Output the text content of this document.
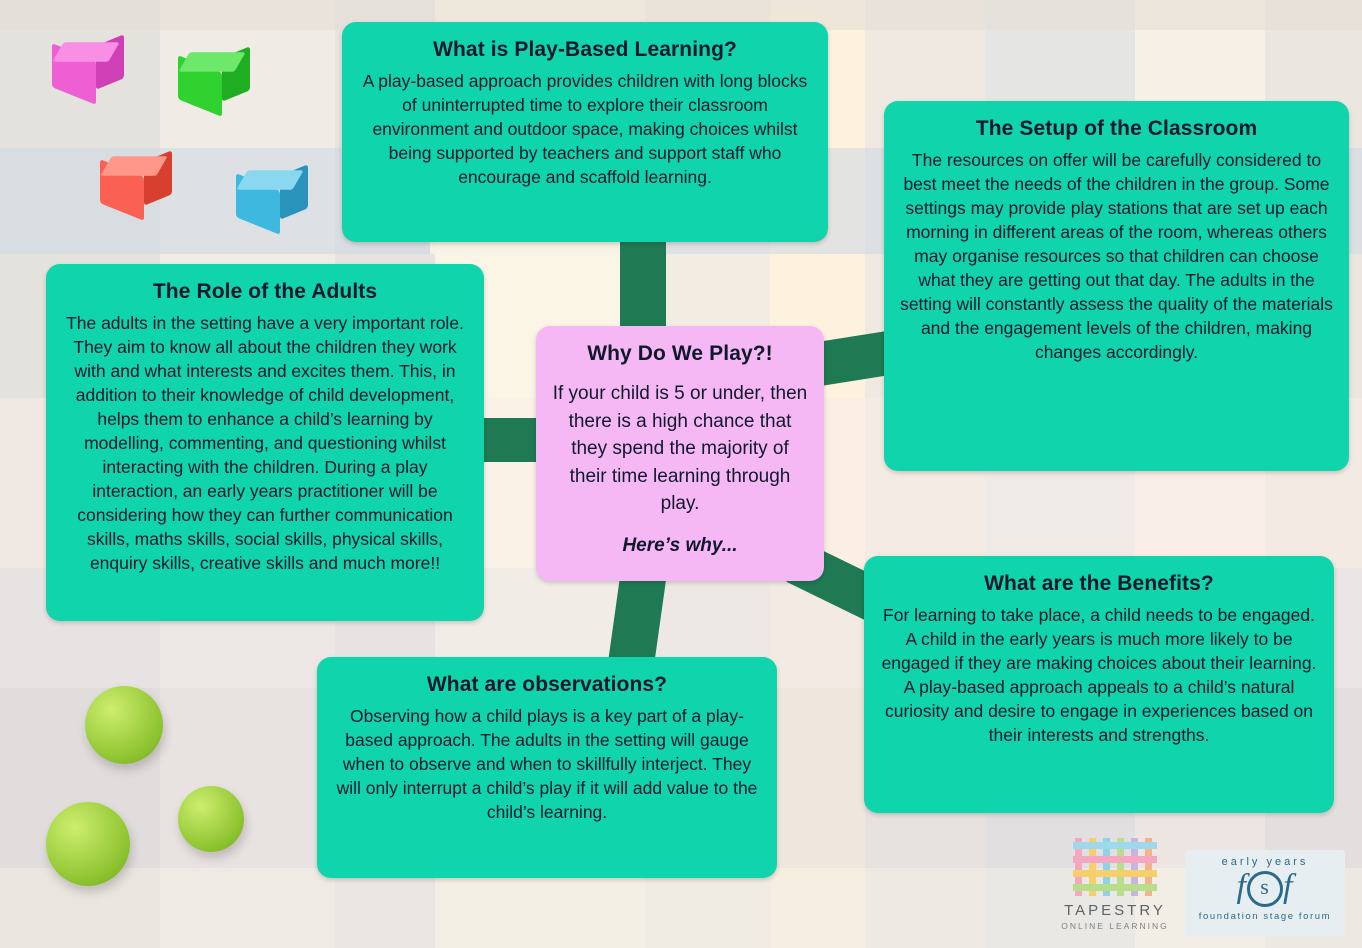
What is Play-Based Learning?

A play-based approach provides children with long blocks of uninterrupted time to explore their classroom environment and outdoor space, making choices whilst being supported by teachers and support staff who encourage and scaffold learning.

The Setup of the Classroom

The resources on offer will be carefully considered to best meet the needs of the children in the group. Some settings may provide play stations that are set up each morning in different areas of the room, whereas others may organise resources so that children can choose what they are getting out that day. The adults in the setting will constantly assess the quality of the materials and the engagement levels of the children, making changes accordingly.

The Role of the Adults

The adults in the setting have a very important role. They aim to know all about the children they work with and what interests and excites them. This, in addition to their knowledge of child development, helps them to enhance a child’s learning by modelling, commenting, and questioning whilst interacting with the children. During a play interaction, an early years practitioner will be considering how they can further communication skills, maths skills, social skills, physical skills, enquiry skills, creative skills and much more!!

Why Do We Play?!

If your child is 5 or under, then there is a high chance that they spend the majority of their time learning through play.

Here’s why...

What are the Benefits?

For learning to take place, a child needs to be engaged. A child in the early years is much more likely to be engaged if they are making choices about their learning. A play-based approach appeals to a child’s natural curiosity and desire to engage in experiences based on their interests and strengths.

What are observations?

Observing how a child plays is a key part of a play-based approach. The adults in the setting will gauge when to observe and when to skillfully interject. They will only interrupt a child’s play if it will add value to the child’s learning.

TAPESTRY
ONLINE LEARNING
early years
f s f
foundation stage forum
